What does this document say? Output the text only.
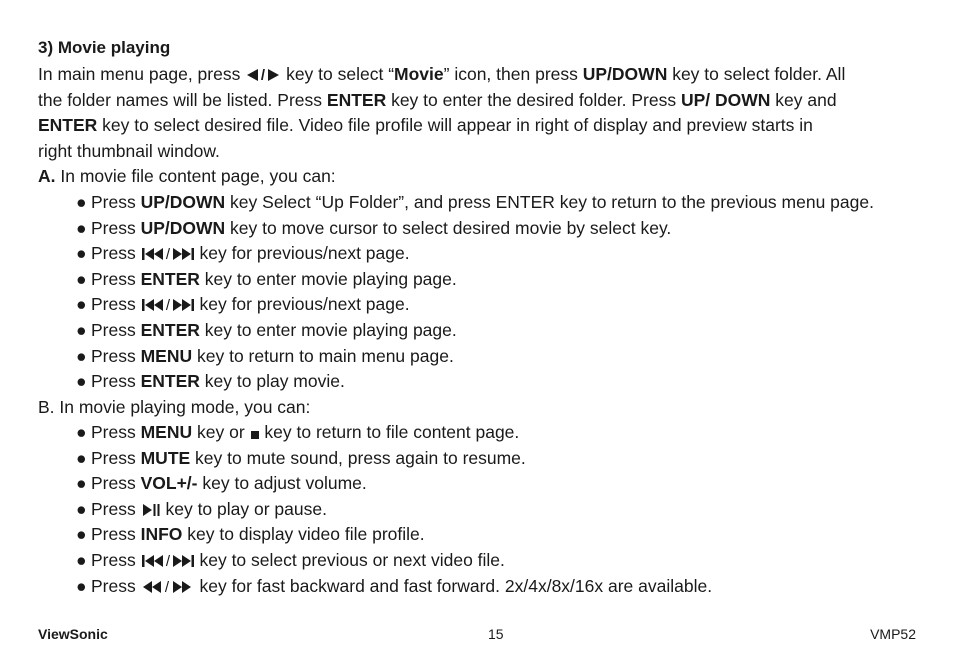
3) Movie playing
In main menu page, press / key to select “Movie” icon, then press UP/DOWN key to select folder. All
the folder names will be listed. Press ENTER key to enter the desired folder. Press UP/ DOWN key and
ENTER key to select desired file. Video file profile will appear in right of display and preview starts in
right thumbnail window.
A. In movie file content page, you can:
● Press UP/DOWN key Select “Up Folder”, and press ENTER key to return to the previous menu page.
● Press UP/DOWN key to move cursor to select desired movie by select key.
● Press / key for previous/next page.
● Press ENTER key to enter movie playing page.
● Press / key for previous/next page.
● Press ENTER key to enter movie playing page.
● Press MENU key to return to main menu page.
● Press ENTER key to play movie.
B. In movie playing mode, you can:
● Press MENU key or
key to return to file content page.
● Press MUTE key to mute sound, press again to resume.
● Press VOL+/- key to adjust volume.
● Press
key to play or pause.
● Press INFO key to display video file profile.
● Press / key to select previous or next video file.
● Press / key for fast backward and fast forward. 2x/4x/8x/16x are available.
ViewSonic	15	VMP52
